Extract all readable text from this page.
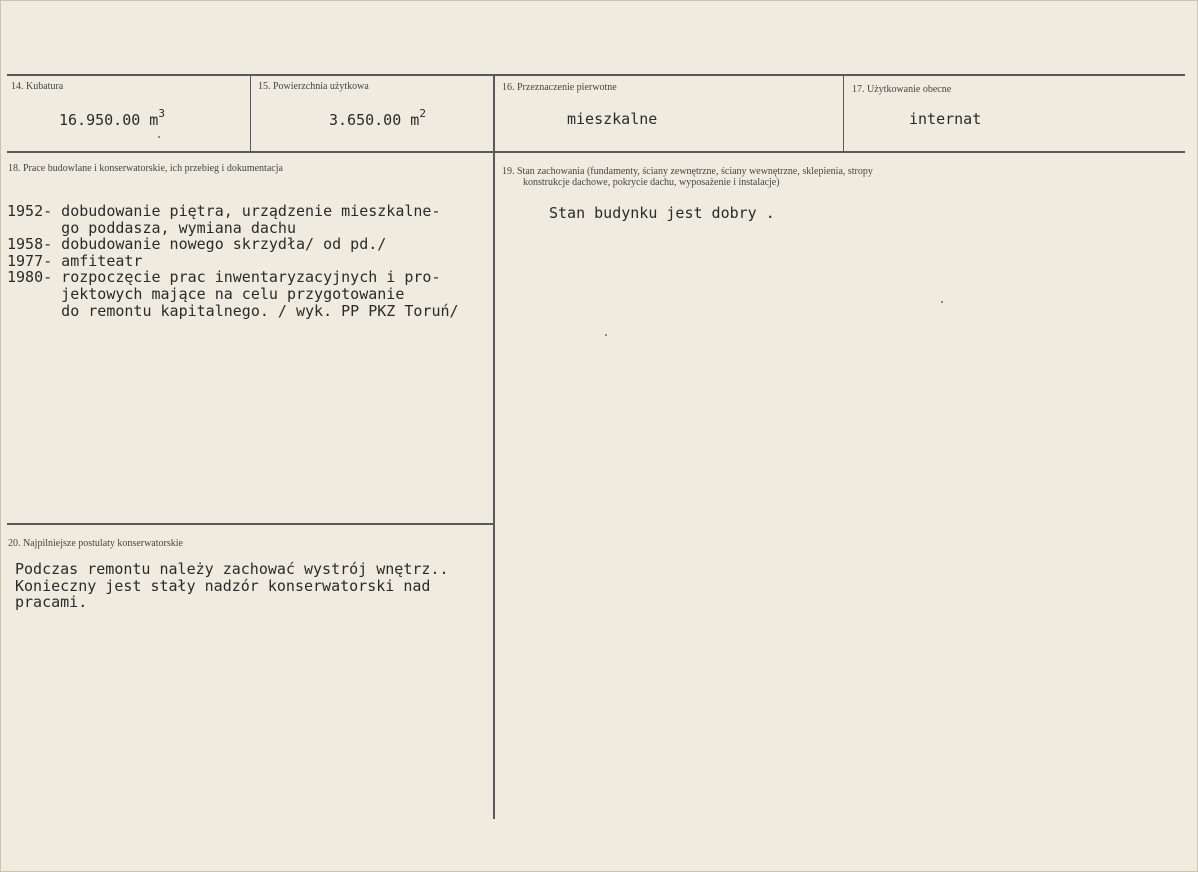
14. Kubatura
16.950.00 $m^3$
15. Powierzchnia użytkowa
3.650.00 $m^2$
16. Przeznaczenie pierwotne
mieszkalne
17. Użytkowanie obecne
internat
18. Prace budowlane i konserwatorskie, ich przebieg i dokumentacja
1952- dobudowanie piętra, urządzenie mieszkalne-
go poddasza, wymiana dachu
1958- dobudowanie nowego skrzydła/ od pd./
1977- amfiteatr
1980- rozpoczęcie prac inwentaryzacyjnych i pro-
jektowych mające na celu przygotowanie
do remontu kapitalnego. / wyk. PP PKZ Toruń/
19. Stan zachowania (fundamenty, ściany zewnętrzne, ściany wewnętrzne, sklepienia, stropy
konstrukcje dachowe, pokrycie dachu, wyposażenie i instalacje)
Stan budynku jest dobry .
20. Najpilniejsze postulaty konserwatorskie
Podczas remontu należy zachować wystrój wnętrz..
Konieczny jest stały nadzór konserwatorski nad
pracami.
